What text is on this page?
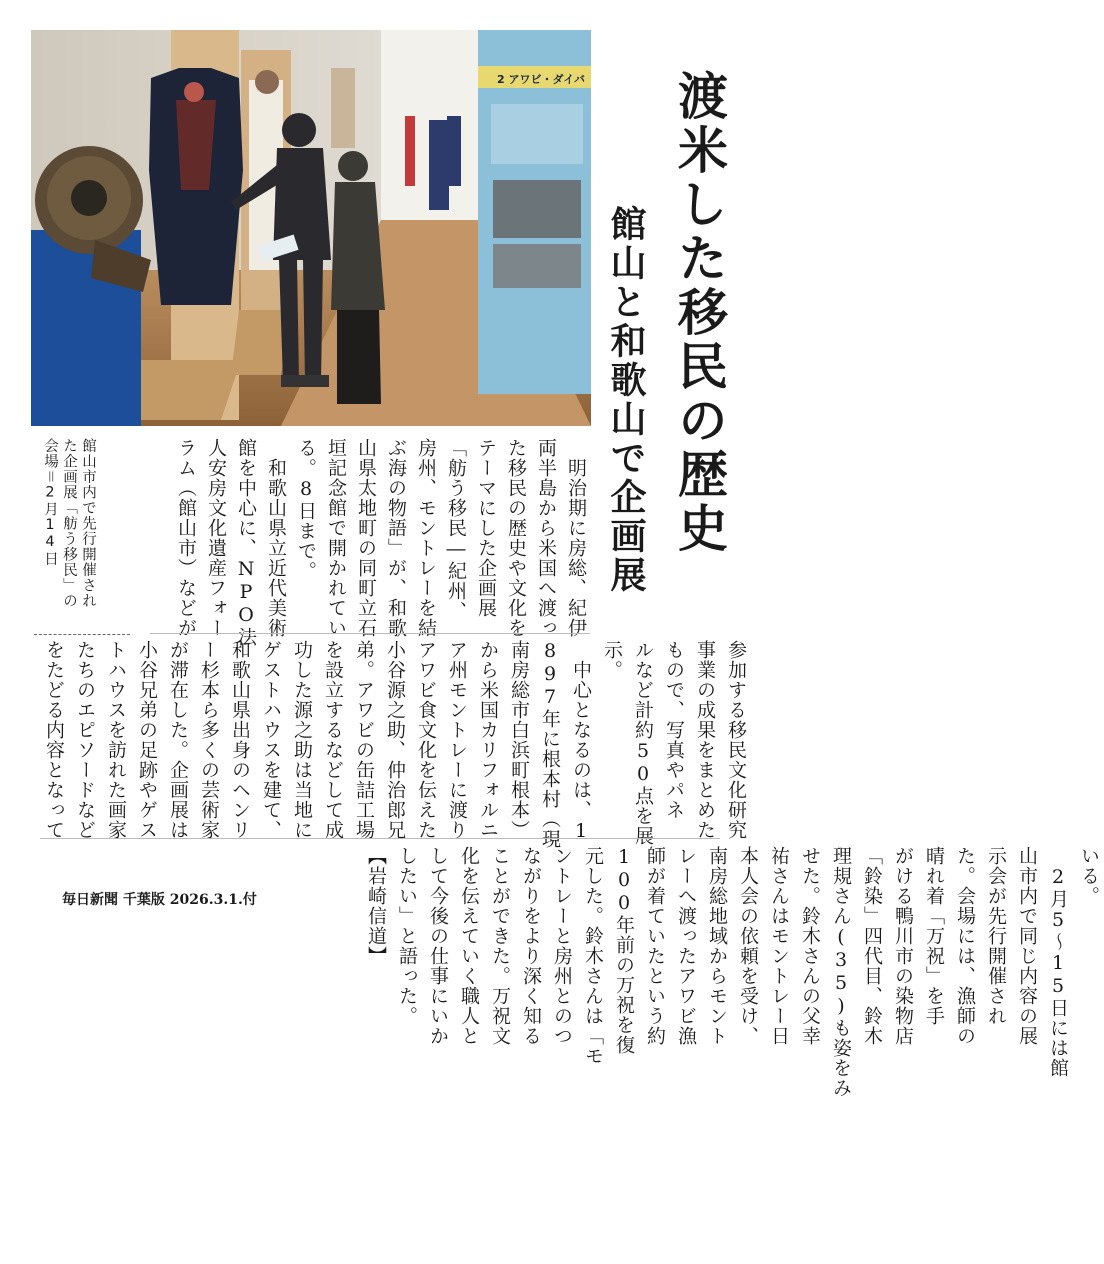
2 アワビ・ダイバ 渡米した移民の歴史
館山と和歌山で企画展

館山市内で先行開催され
た企画展「舫う移民」の
会場＝2月14日	　明治期に房総、紀伊
両半島から米国へ渡っ
た移民の歴史や文化を
テーマにした企画展
「舫う移民―紀州、
房州、モントレーを結
ぶ海の物語」が、和歌
山県太地町の同町立石
垣記念館で開かれてい
る。8日まで。
　和歌山県立近代美術
館を中心に、NPO法
人安房文化遺産フォー
ラム（館山市）などが

参加する移民文化研究
事業の成果をまとめた
もので、写真やパネ
ルなど計約50点を展
示。
　中心となるのは、1
897年に根本村（現
南房総市白浜町根本）
から米国カリフォルニ
ア州モントレーに渡り
アワビ食文化を伝えた
小谷源之助、仲治郎兄
弟。アワビの缶詰工場
を設立するなどして成
功した源之助は当地に
ゲストハウスを建て、
和歌山県出身のヘンリ
ー杉本ら多くの芸術家
が滞在した。企画展は
小谷兄弟の足跡やゲス
トハウスを訪れた画家
たちのエピソードなど
をたどる内容となって

いる。
　2月5～15日には館
山市内で同じ内容の展
示会が先行開催され
た。会場には、漁師の
晴れ着「万祝」を手
がける鴨川市の染物店
「鈴染」四代目、鈴木
理規さん(35)も姿をみ
せた。鈴木さんの父幸
祐さんはモントレー日
本人会の依頼を受け、
南房総地域からモント
レーへ渡ったアワビ漁
師が着ていたという約
100年前の万祝を復
元した。鈴木さんは「モ
ントレーと房州とのつ
ながりをより深く知る
ことができた。万祝文
化を伝えていく職人と
して今後の仕事にいか
したい」と語った。
【岩崎信道】

毎日新聞 千葉版 2026.3.1.付
